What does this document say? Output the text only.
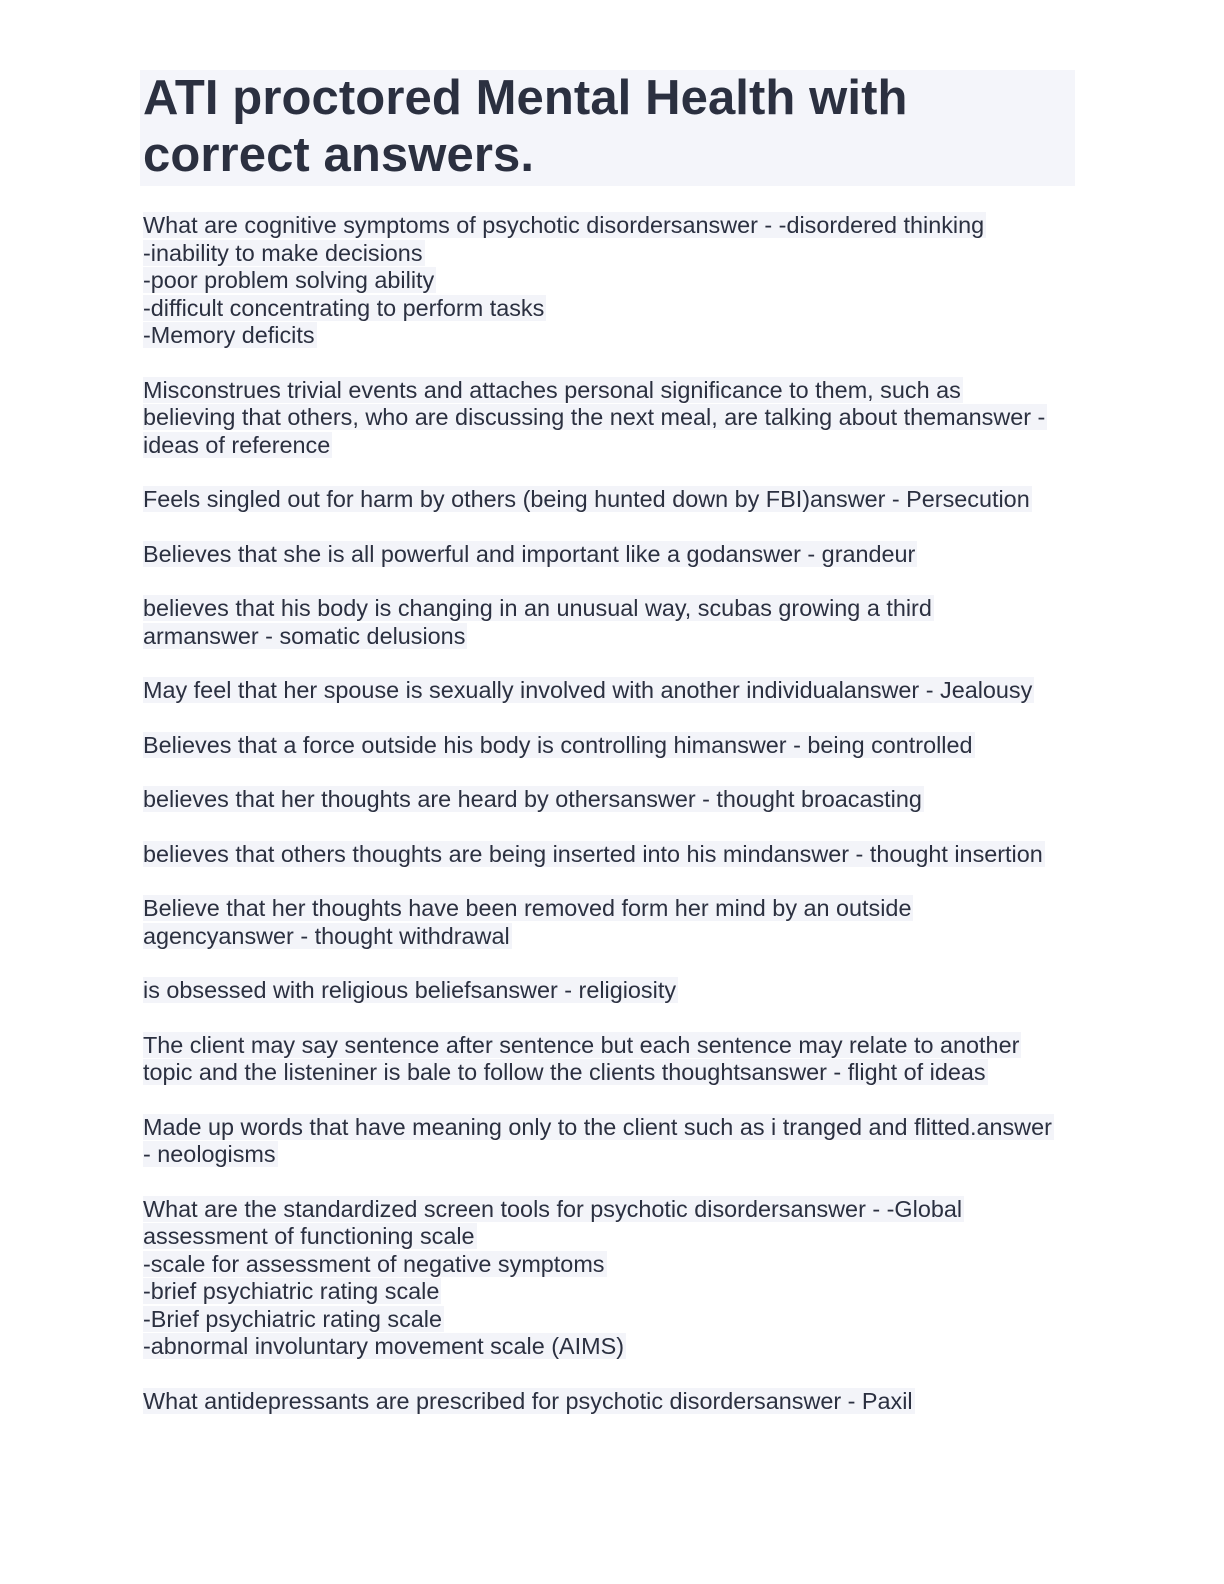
ATI proctored Mental Health with correct answers.
What are cognitive symptoms of psychotic disordersanswer - -disordered thinking
-inability to make decisions
-poor problem solving ability
-difficult concentrating to perform tasks
-Memory deficits
Misconstrues trivial events and attaches personal significance to them, such as
believing that others, who are discussing the next meal, are talking about themanswer -
ideas of reference
Feels singled out for harm by others (being hunted down by FBI)answer - Persecution
Believes that she is all powerful and important like a godanswer - grandeur
believes that his body is changing in an unusual way, scubas growing a third
armanswer - somatic delusions
May feel that her spouse is sexually involved with another individualanswer - Jealousy
Believes that a force outside his body is controlling himanswer - being controlled
believes that her thoughts are heard by othersanswer - thought broacasting
believes that others thoughts are being inserted into his mindanswer - thought insertion
Believe that her thoughts have been removed form her mind by an outside
agencyanswer - thought withdrawal
is obsessed with religious beliefsanswer - religiosity
The client may say sentence after sentence but each sentence may relate to another
topic and the listeniner is bale to follow the clients thoughtsanswer - flight of ideas
Made up words that have meaning only to the client such as i tranged and flitted.answer
- neologisms
What are the standardized screen tools for psychotic disordersanswer - -Global
assessment of functioning scale
-scale for assessment of negative symptoms
-brief psychiatric rating scale
-Brief psychiatric rating scale
-abnormal involuntary movement scale (AIMS)
What antidepressants are prescribed for psychotic disordersanswer - Paxil
